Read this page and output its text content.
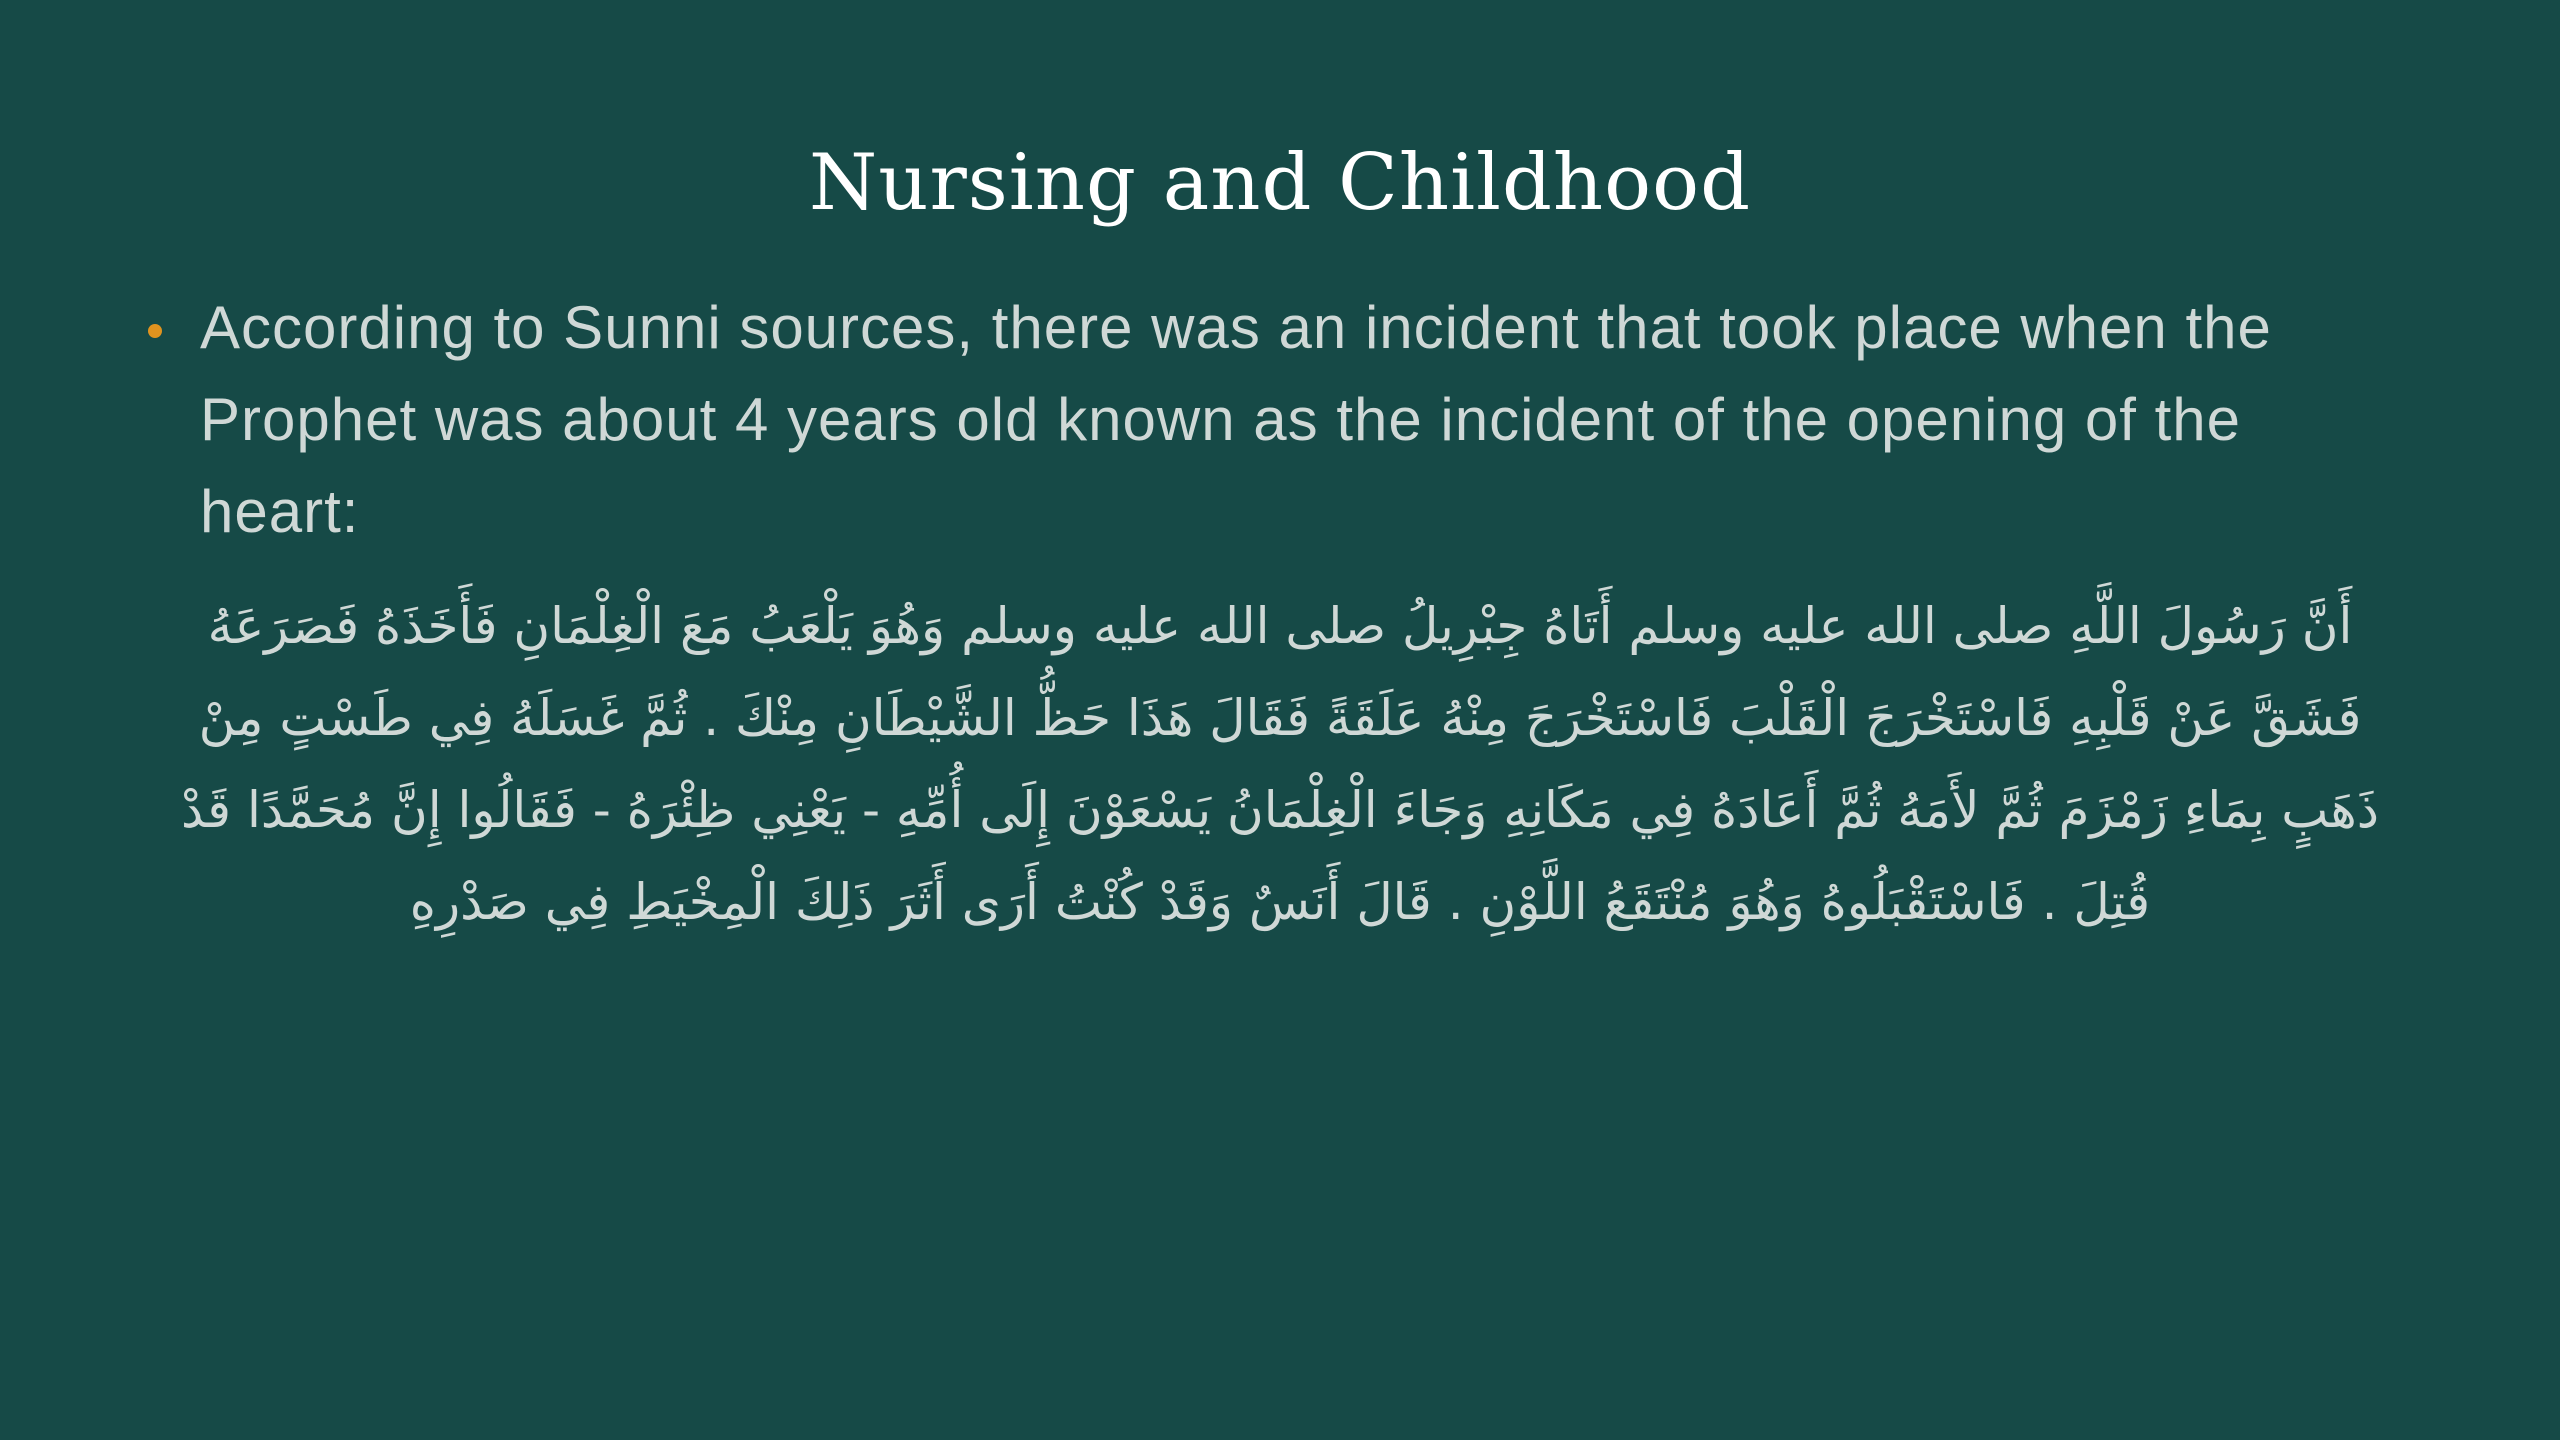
Nursing and Childhood
According to Sunni sources, there was an incident that took place when the Prophet was about 4 years old known as the incident of the opening of the heart:
أَنَّ رَسُولَ اللَّهِ صلى الله عليه وسلم أَتَاهُ جِبْرِيلُ صلى الله عليه وسلم وَهُوَ يَلْعَبُ مَعَ الْغِلْمَانِ فَأَخَذَهُ فَصَرَعَهُ فَشَقَّ عَنْ قَلْبِهِ فَاسْتَخْرَجَ الْقَلْبَ فَاسْتَخْرَجَ مِنْهُ عَلَقَةً فَقَالَ هَذَا حَظُّ الشَّيْطَانِ مِنْكَ . ثُمَّ غَسَلَهُ فِي طَسْتٍ مِنْ ذَهَبٍ بِمَاءِ زَمْزَمَ ثُمَّ لأَمَهُ ثُمَّ أَعَادَهُ فِي مَكَانِهِ وَجَاءَ الْغِلْمَانُ يَسْعَوْنَ إِلَى أُمِّهِ - يَعْنِي ظِئْرَهُ - فَقَالُوا إِنَّ مُحَمَّدًا قَدْ قُتِلَ . فَاسْتَقْبَلُوهُ وَهُوَ مُنْتَقَعُ اللَّوْنِ . قَالَ أَنَسٌ وَقَدْ كُنْتُ أَرَى أَثَرَ ذَلِكَ الْمِخْيَطِ فِي صَدْرِهِ
